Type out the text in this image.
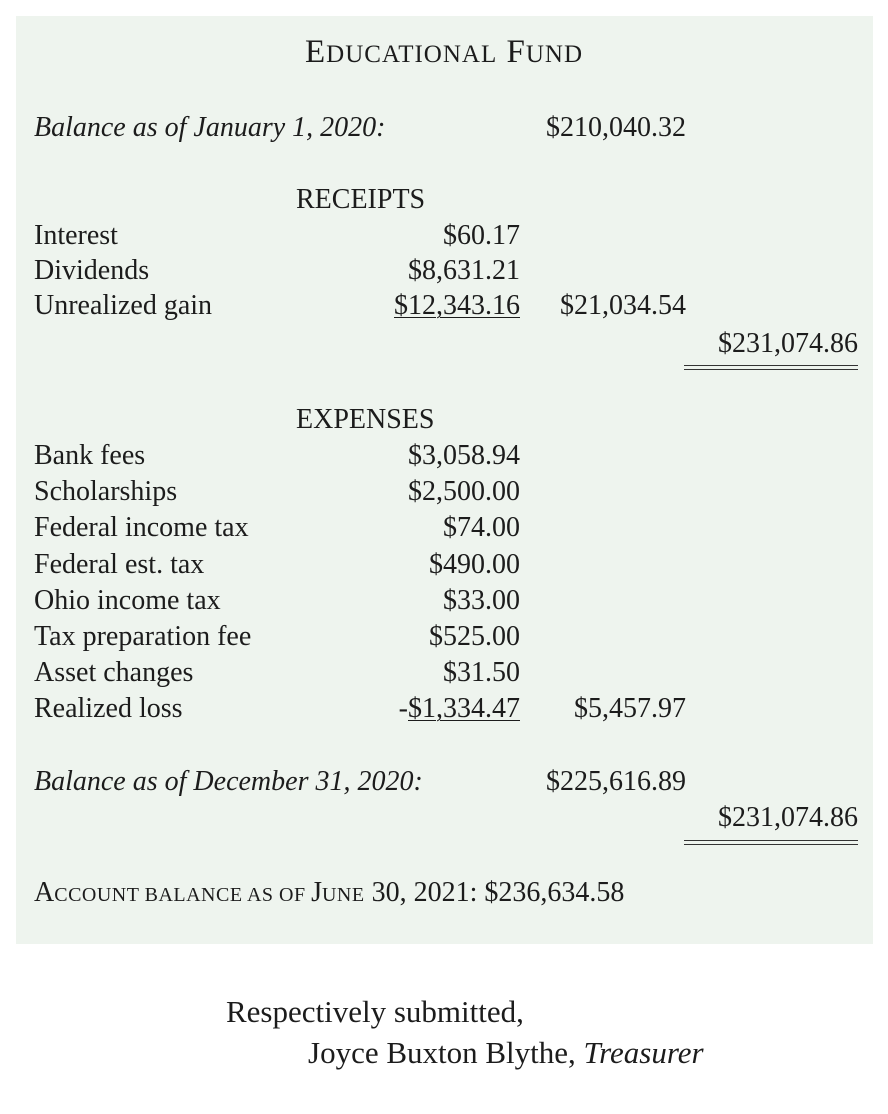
EDUCATIONAL FUND
Balance as of January 1, 2020:	$210,040.32
RECEIPTS
Interest	$60.17
Dividends	$8,631.21
Unrealized gain	$12,343.16	$21,034.54
$231,074.86
EXPENSES
Bank fees	$3,058.94
Scholarships	$2,500.00
Federal income tax	$74.00
Federal est. tax	$490.00
Ohio income tax	$33.00
Tax preparation fee	$525.00
Asset changes	$31.50
Realized loss	-$1,334.47	$5,457.97
Balance as of December 31, 2020:	$225,616.89
$231,074.86
ACCOUNT BALANCE AS OF JUNE 30, 2021: $236,634.58
Respectively submitted,
Joyce Buxton Blythe, Treasurer
